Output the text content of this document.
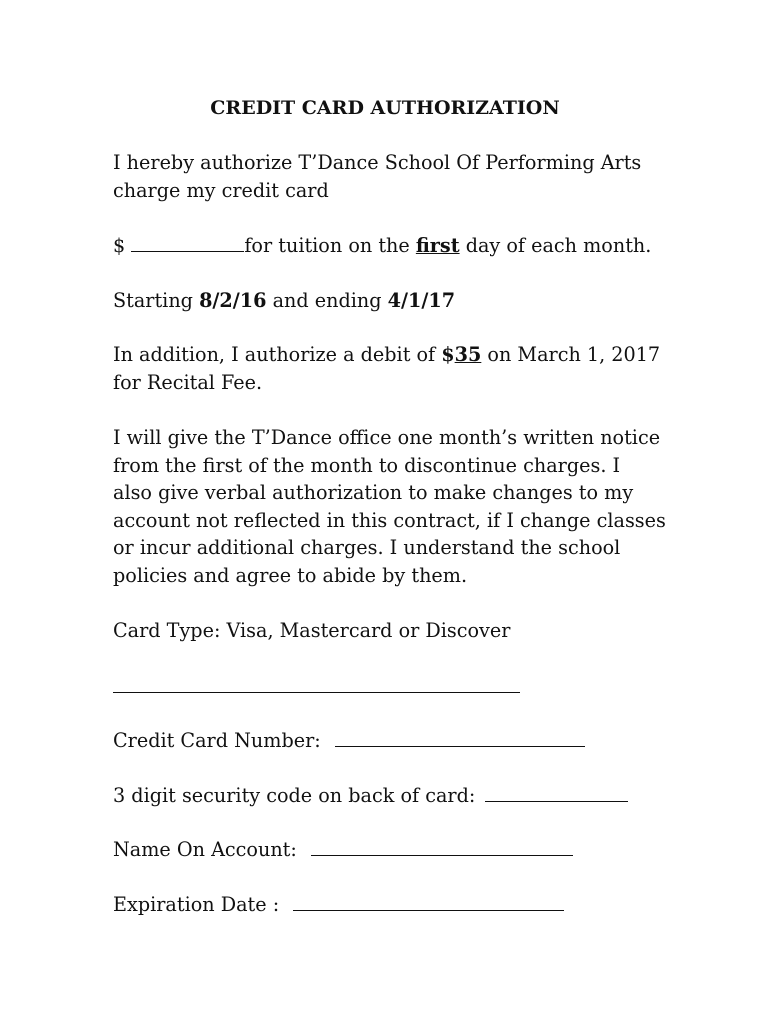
CREDIT CARD AUTHORIZATION
I hereby authorize T’Dance School Of Performing Arts
charge my credit card
$	for tuition on the first day of each month.
Starting 8/2/16 and ending 4/1/17
In addition, I authorize a debit of $35 on March 1, 2017
for Recital Fee.
I will give the T’Dance office one month’s written notice
from the first of the month to discontinue charges. I
also give verbal authorization to make changes to my
account not reflected in this contract, if I change classes
or incur additional charges. I understand the school
policies and agree to abide by them.
Card Type: Visa, Mastercard or Discover
Credit Card Number:
3 digit security code on back of card:
Name On Account:
Expiration Date :
